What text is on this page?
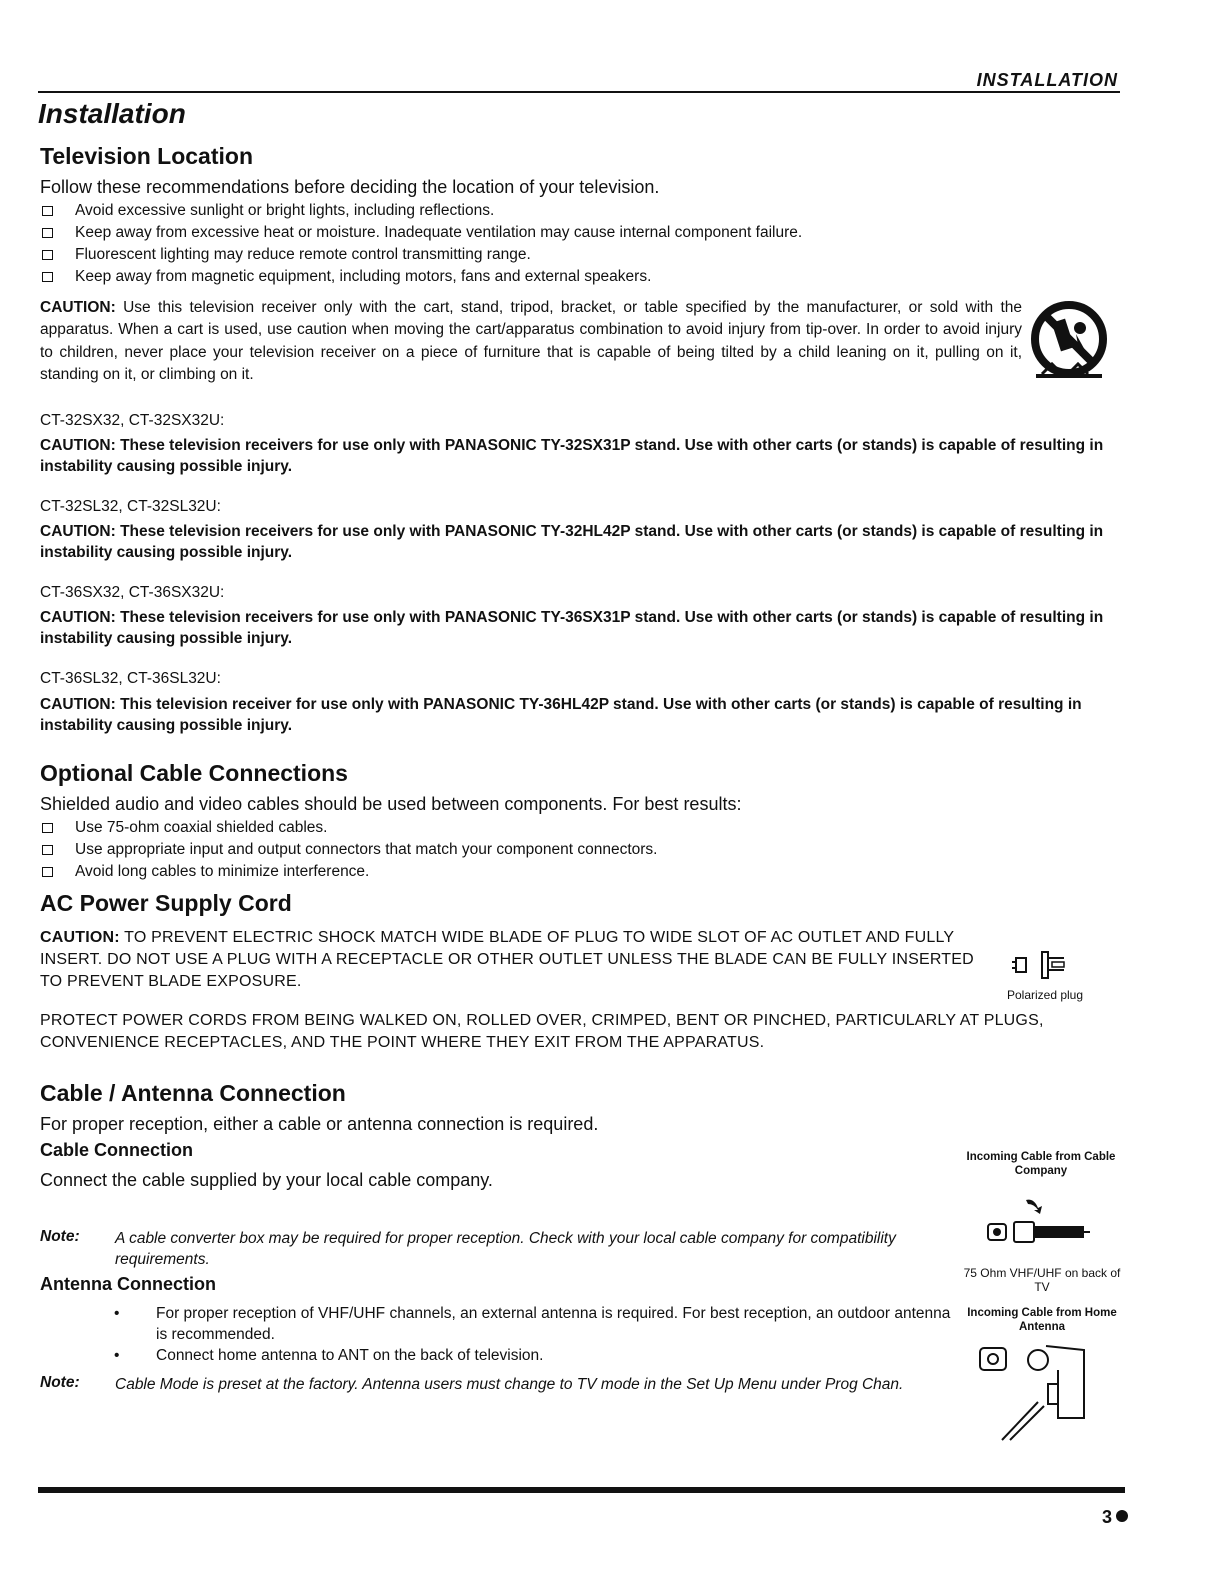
INSTALLATION
Installation
Television Location
Follow these recommendations before deciding the location of your television.
Avoid excessive sunlight or bright lights, including reflections.
Keep away from excessive heat or moisture. Inadequate ventilation may cause internal component failure.
Fluorescent lighting may reduce remote control transmitting range.
Keep away from magnetic equipment, including motors, fans and external speakers.
CAUTION: Use this television receiver only with the cart, stand, tripod, bracket, or table specified by the manufacturer, or sold with the apparatus. When a cart is used, use caution when moving the cart/apparatus combination to avoid injury from tip-over. In order to avoid injury to children, never place your television receiver on a piece of furniture that is capable of being tilted by a child leaning on it, pulling on it, standing on it, or climbing on it.
CT-32SX32, CT-32SX32U:
CAUTION: These television receivers for use only with PANASONIC TY-32SX31P stand. Use with other carts (or stands) is capable of resulting in instability causing possible injury.
CT-32SL32, CT-32SL32U:
CAUTION: These television receivers for use only with PANASONIC TY-32HL42P stand. Use with other carts (or stands) is capable of resulting in instability causing possible injury.
CT-36SX32, CT-36SX32U:
CAUTION: These television receivers for use only with PANASONIC TY-36SX31P stand. Use with other carts (or stands) is capable of resulting in instability causing possible injury.
CT-36SL32, CT-36SL32U:
CAUTION: This television receiver for use only with PANASONIC TY-36HL42P stand. Use with other carts (or stands) is capable of resulting in instability causing possible injury.
Optional Cable Connections
Shielded audio and video cables should be used between components. For best results:
Use 75-ohm coaxial shielded cables.
Use appropriate input and output connectors that match your component connectors.
Avoid long cables to minimize interference.
AC Power Supply Cord
CAUTION: TO PREVENT ELECTRIC SHOCK MATCH WIDE BLADE OF PLUG TO WIDE SLOT OF AC OUTLET AND FULLY INSERT. DO NOT USE A PLUG WITH A RECEPTACLE OR OTHER OUTLET UNLESS THE BLADE CAN BE FULLY INSERTED TO PREVENT BLADE EXPOSURE.
Polarized plug
PROTECT POWER CORDS FROM BEING WALKED ON, ROLLED OVER, CRIMPED, BENT OR PINCHED, PARTICULARLY AT PLUGS, CONVENIENCE RECEPTACLES, AND THE POINT WHERE THEY EXIT FROM THE APPARATUS.
Cable / Antenna Connection
For proper reception, either a cable or antenna connection is required.
Cable Connection
Connect the cable supplied by your local cable company.
Note: A cable converter box may be required for proper reception. Check with your local cable company for compatibility requirements.
Antenna Connection
• For proper reception of VHF/UHF channels, an external antenna is required. For best reception, an outdoor antenna is recommended.
• Connect home antenna to ANT on the back of television.
Note: Cable Mode is preset at the factory. Antenna users must change to TV mode in the Set Up Menu under Prog Chan.
Incoming Cable from Cable Company
75 Ohm VHF/UHF on back of TV
Incoming Cable from Home Antenna
3
